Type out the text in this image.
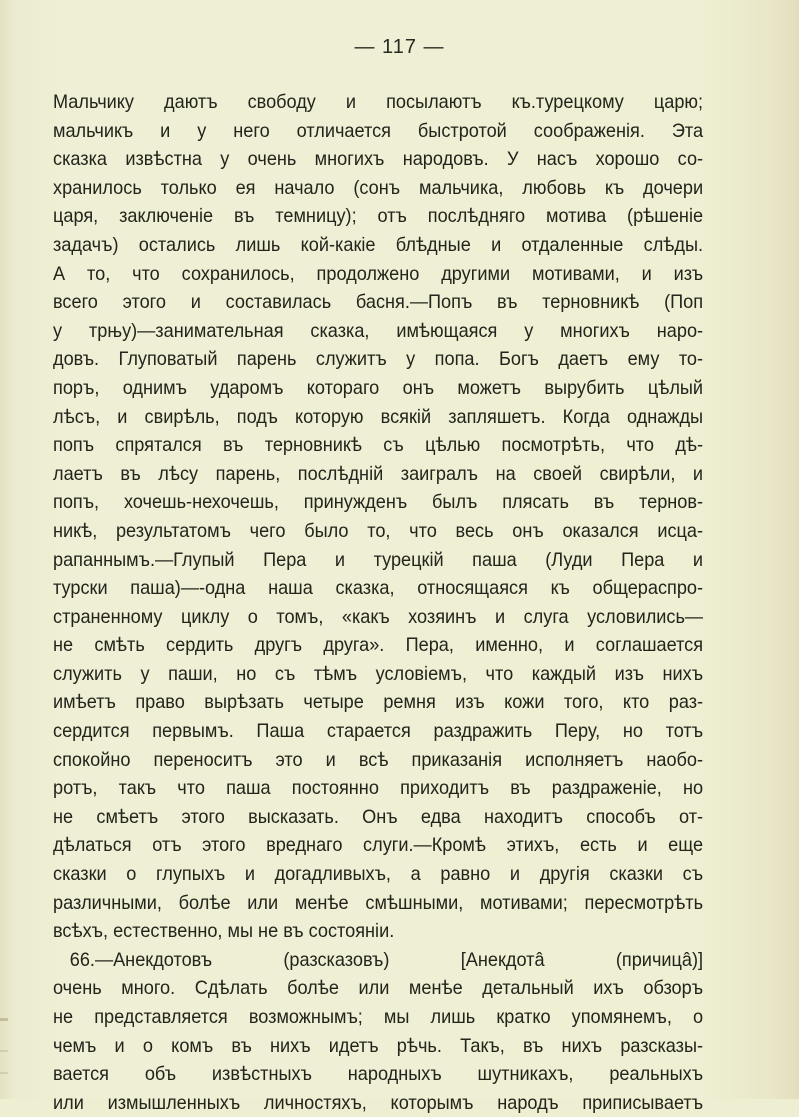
— 117 —
Мальчику даютъ свободу и посылаютъ къ.турецкому царю;
мальчикъ и у него отличается быстротой соображенія. Эта
сказка извѣстна у очень многихъ народовъ. У насъ хорошо со-
хранилось только ея начало (сонъ мальчика, любовь къ дочери
царя, заключеніе въ темницу); отъ послѣдняго мотива (рѣшеніе
задачъ) остались лишь кой-какіе блѣдные и отдаленные слѣды.
А то, что сохранилось, продолжено другими мотивами, и изъ
всего этого и составилась басня.—Попъ въ терновникѣ (Поп
у трњу)—занимательная сказка, имѣющаяся у многихъ наро-
довъ. Глуповатый парень служитъ у попа. Богъ даетъ ему то-
поръ, однимъ ударомъ котораго онъ можетъ вырубить цѣлый
лѣсъ, и свирѣль, подъ которую всякій запляшетъ. Когда однажды
попъ спрятался въ терновникѣ съ цѣлью посмотрѣть, что дѣ-
лаетъ въ лѣсу парень, послѣдній заигралъ на своей свирѣли, и
попъ, хочешь-нехочешь, принужденъ былъ плясать въ тернов-
никѣ, результатомъ чего было то, что весь онъ оказался исца-
рапаннымъ.—Глупый Пера и турецкій паша (Луди Пера и
турски паша)—-одна наша сказка, относящаяся къ общераспро-
страненному циклу о томъ, «какъ хозяинъ и слуга условились—
не смѣть сердить другъ друга». Пера, именно, и соглашается
служить у паши, но съ тѣмъ условіемъ, что каждый изъ нихъ
имѣетъ право вырѣзать четыре ремня изъ кожи того, кто раз-
сердится первымъ. Паша старается раздражить Перу, но тотъ
спокойно переноситъ это и всѣ приказанія исполняетъ наобо-
ротъ, такъ что паша постоянно приходитъ въ раздраженіе, но
не смѣетъ этого высказать. Онъ едва находитъ способъ от-
дѣлаться отъ этого вреднаго слуги.—Кромѣ этихъ, есть и еще
сказки о глупыхъ и догадливыхъ, а равно и другія сказки съ
различными, болѣе или менѣе смѣшными, мотивами; пересмотрѣть
всѣхъ, естественно, мы не въ состояніи.
66.—Анекдотовъ (разсказовъ) [Анекдотâ (причицâ)]
очень много. Сдѣлать болѣе или менѣе детальный ихъ обзоръ
не представляется возможнымъ; мы лишь кратко упомянемъ, о
чемъ и о комъ въ нихъ идетъ рѣчь. Такъ, въ нихъ разсказы-
вается объ извѣстныхъ народныхъ шутникахъ, реальныхъ
или измышленныхъ личностяхъ, которымъ народъ приписываетъ
